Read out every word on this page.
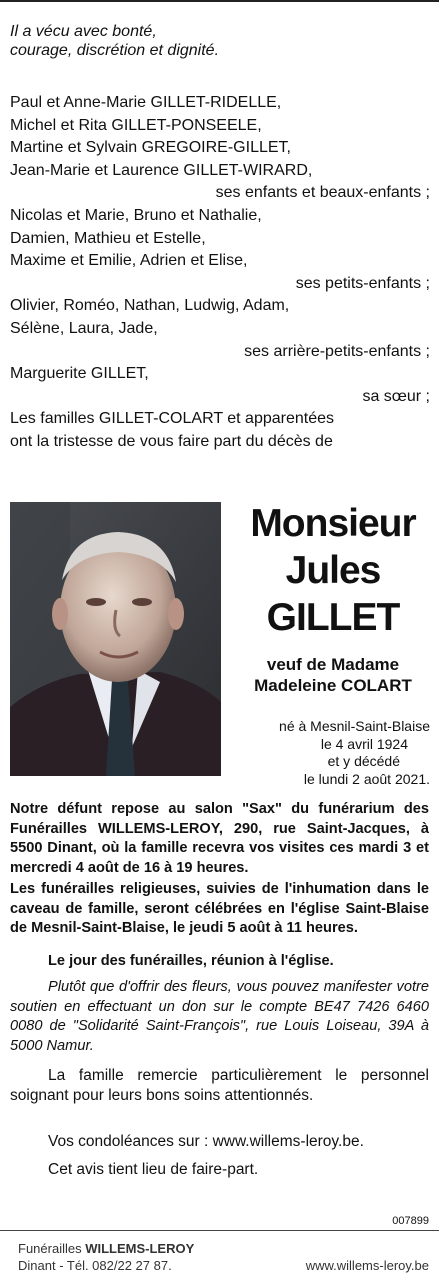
Il a vécu avec bonté,
courage, discrétion et dignité.
Paul et Anne-Marie GILLET-RIDELLE,
Michel et Rita GILLET-PONSEELE,
Martine et Sylvain GREGOIRE-GILLET,
Jean-Marie et Laurence GILLET-WIRARD,
ses enfants et beaux-enfants ;
Nicolas et Marie, Bruno et Nathalie,
Damien, Mathieu et Estelle,
Maxime et Emilie, Adrien et Elise,
ses petits-enfants ;
Olivier, Roméo, Nathan, Ludwig, Adam,
Sélène, Laura, Jade,
ses arrière-petits-enfants ;
Marguerite GILLET,
sa sœur ;
Les familles GILLET-COLART et apparentées
ont la tristesse de vous faire part du décès de
Monsieur
Jules
GILLET
veuf de Madame
Madeleine COLART
né à Mesnil-Saint-Blaise
le 4 avril 1924
et y décédé
le lundi 2 août 2021.
Notre défunt repose au salon "Sax" du funérarium des Funérailles WILLEMS-LEROY, 290, rue Saint-Jacques, à 5500 Dinant, où la famille recevra vos visites ces mardi 3 et mercredi 4 août de 16 à 19 heures.
Les funérailles religieuses, suivies de l'inhumation dans le caveau de famille, seront célébrées en l'église Saint-Blaise de Mesnil-Saint-Blaise, le jeudi 5 août à 11 heures.
Le jour des funérailles, réunion à l'église.
Plutôt que d'offrir des fleurs, vous pouvez manifester votre soutien en effectuant un don sur le compte BE47 7426 6460 0080 de "Solidarité Saint-François", rue Louis Loiseau, 39A à 5000 Namur.
La famille remercie particulièrement le personnel soignant pour leurs bons soins attentionnés.
Vos condoléances sur : www.willems-leroy.be.
Cet avis tient lieu de faire-part.
007899
Funérailles WILLEMS-LEROY
Dinant - Tél. 082/22 27 87.	www.willems-leroy.be
